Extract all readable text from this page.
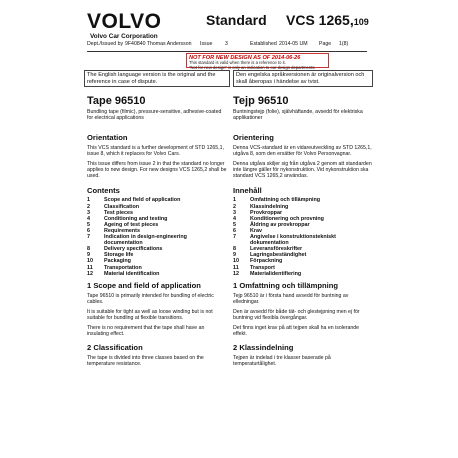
VOLVO
Volvo Car Corporation
Standard VCS 1265,109
Dept./Issued by 9F40840 Thomas Andersson Issue 3	Established 2014-05 UM Page 1(8)
NOT FOR NEW DESIGN AS OF 2014-06-26
This standard is valid when there is a reference to it.
"Not for new design" is only an indication to our design departments.
The English language version is the original and the reference in case of dispute.
Den engelska språkversionen är originalversion och skall åberopas i händelse av tvist.
Tape 96510
Bundling tape (filmic), pressure-sensitive, adhesive-coated for electrical applications
Orientation
This VCS standard is a further development of STD 1265,1, issue 8, which it replaces for Volvo Cars.
This issue differs from issue 2 in that the standard no longer applies to new design. For new designs VCS 1265,2 shall be used.
Contents
1	Scope and field of application
2	Classification
3	Test pieces
4	Conditioning and testing
5	Ageing of test pieces
6	Requirements
7	Indication in design-engineering documentation
8	Delivery specifications
9	Storage life
10	Packaging
11	Transportation
12	Material identification
1 Scope and field of application
Tape 96510 is primarily intended for bundling of electric cables.
It is suitable for tight as well as loose winding but is not suitable for bundling at flexible transitions.
There is no requirement that the tape shall have an insulating effect.
2 Classification
The tape is divided into three classes based on the temperature resistance.
Tejp 96510
Buntningstejp (folie), självhäftande, avsedd för elektriska applikationer
Orientering
Denna VCS-standard är en vidareutveckling av STD 1265,1, utgåva 8, som den ersätter för Volvo Personvagnar.
Denna utgåva skiljer sig från utgåva 2 genom att standarden inte längre gäller för nykonstruktion. Vid nykonstruktion ska standard VCS 1265,2 användas.
Innehåll
1	Omfattning och tillämpning
2	Klassindelning
3	Provkroppar
4	Konditionering och provning
5	Åldring av provkroppar
6	Krav
7	Angivelse i konstruktionstekniskt dokumentation
8	Leveransföreskrifter
9	Lagringsbeständighet
10	Förpackning
11	Transport
12	Materialidentifiering
1 Omfattning och tillämpning
Tejp 96510 är i första hand avsedd för buntning av elledningar.
Den är avsedd för både tät- och glestejpning men ej för buntning vid flexibla övergångar.
Det finns inget krav på att tejpen skall ha en isolerande effekt.
2 Klassindelning
Tejpen är indelad i tre klasser baserade på temperaturtålighet.
